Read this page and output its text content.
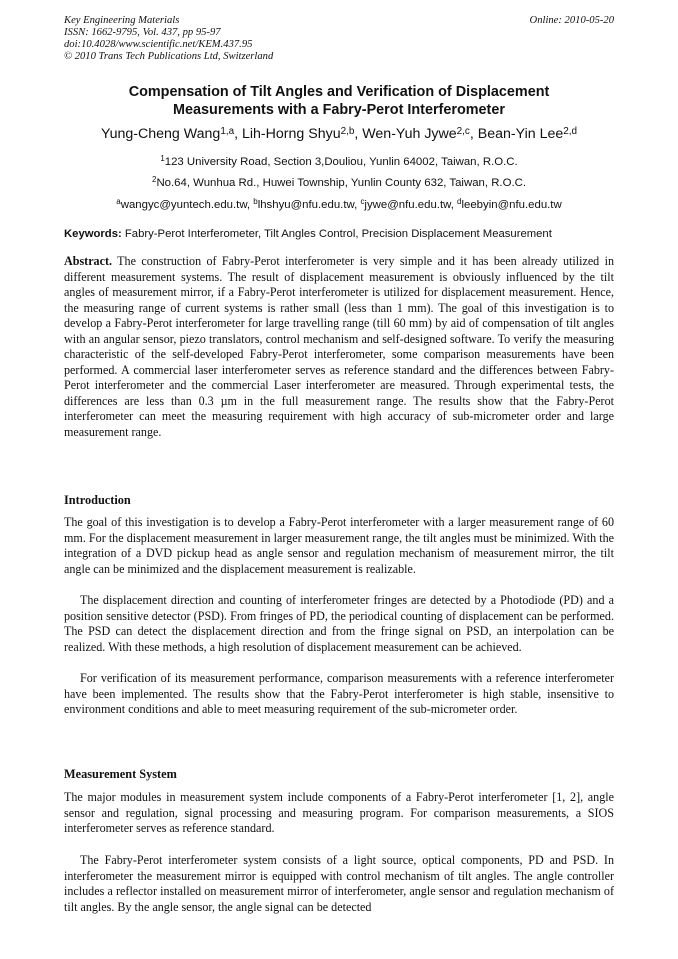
Key Engineering Materials
ISSN: 1662-9795, Vol. 437, pp 95-97
doi:10.4028/www.scientific.net/KEM.437.95
© 2010 Trans Tech Publications Ltd, Switzerland
Online: 2010-05-20
Compensation of Tilt Angles and Verification of Displacement
Measurements with a Fabry-Perot Interferometer
Yung-Cheng Wang$^{1,a}$, Lih-Horng Shyu$^{2,b}$, Wen-Yuh Jywe$^{2,c}$, Bean-Yin Lee$^{2,d}$
$^1$123 University Road, Section 3,Douliou, Yunlin 64002, Taiwan, R.O.C.
$^2$No.64, Wunhua Rd., Huwei Township, Yunlin County 632, Taiwan, R.O.C.
$^a$wangyc@yuntech.edu.tw, $^b$lhshyu@nfu.edu.tw, $^c$jywe@nfu.edu.tw, $^d$leebyin@nfu.edu.tw
Keywords: Fabry-Perot Interferometer, Tilt Angles Control, Precision Displacement Measurement
Abstract. The construction of Fabry-Perot interferometer is very simple and it has been already utilized in different measurement systems. The result of displacement measurement is obviously influenced by the tilt angles of measurement mirror, if a Fabry-Perot interferometer is utilized for displacement measurement. Hence, the measuring range of current systems is rather small (less than 1 mm). The goal of this investigation is to develop a Fabry-Perot interferometer for large travelling range (till 60 mm) by aid of compensation of tilt angles with an angular sensor, piezo translators, control mechanism and self-designed software. To verify the measuring characteristic of the self-developed Fabry-Perot interferometer, some comparison measurements have been performed. A commercial laser interferometer serves as reference standard and the differences between Fabry-Perot interferometer and the commercial Laser interferometer are measured. Through experimental tests, the differences are less than 0.3 µm in the full measurement range. The results show that the Fabry-Perot interferometer can meet the measuring requirement with high accuracy of sub-micrometer order and large measurement range.
Introduction
The goal of this investigation is to develop a Fabry-Perot interferometer with a larger measurement range of 60 mm. For the displacement measurement in larger measurement range, the tilt angles must be minimized. With the integration of a DVD pickup head as angle sensor and regulation mechanism of measurement mirror, the tilt angle can be minimized and the displacement measurement is realizable.
The displacement direction and counting of interferometer fringes are detected by a Photodiode (PD) and a position sensitive detector (PSD). From fringes of PD, the periodical counting of displacement can be performed. The PSD can detect the displacement direction and from the fringe signal on PSD, an interpolation can be realized. With these methods, a high resolution of displacement measurement can be achieved.
For verification of its measurement performance, comparison measurements with a reference interferometer have been implemented. The results show that the Fabry-Perot interferometer is high stable, insensitive to environment conditions and able to meet measuring requirement of the sub-micrometer order.
Measurement System
The major modules in measurement system include components of a Fabry-Perot interferometer [1, 2], angle sensor and regulation, signal processing and measuring program. For comparison measurements, a SIOS interferometer serves as reference standard.
The Fabry-Perot interferometer system consists of a light source, optical components, PD and PSD. In interferometer the measurement mirror is equipped with control mechanism of tilt angles. The angle controller includes a reflector installed on measurement mirror of interferometer, angle sensor and regulation mechanism of tilt angles. By the angle sensor, the angle signal can be detected
